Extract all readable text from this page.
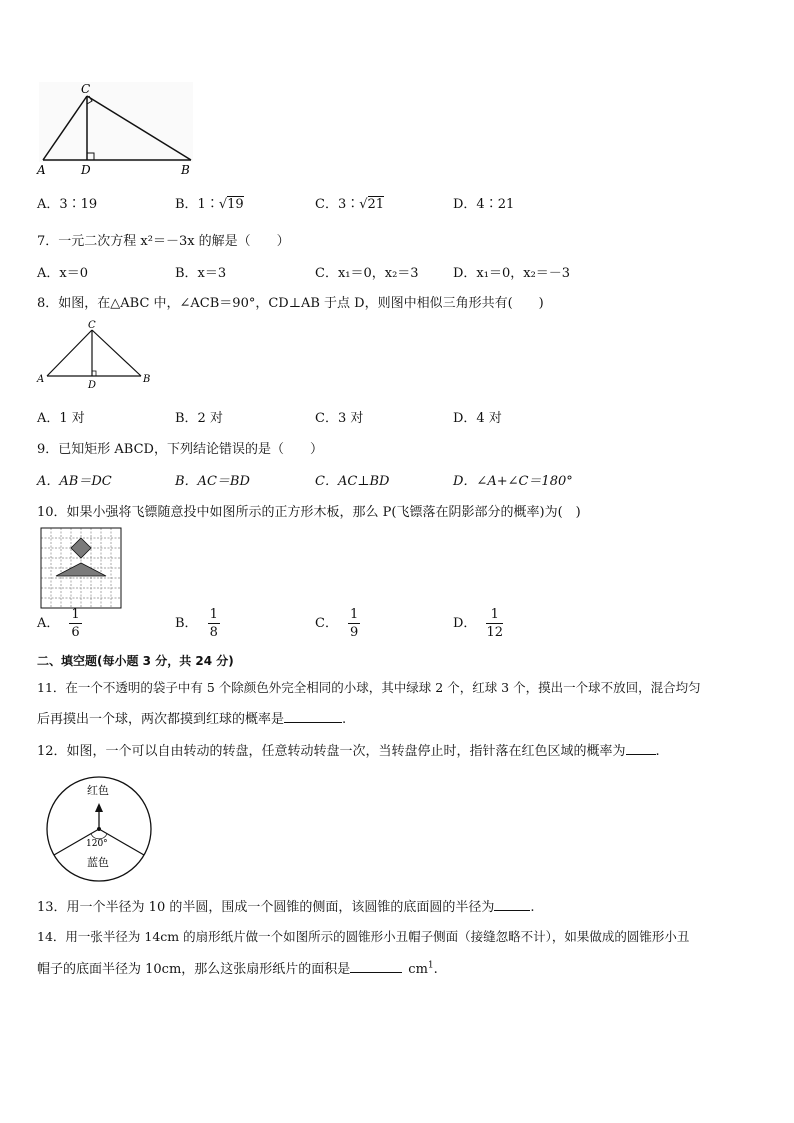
C
A	D	B
A．3∶19	B．1∶√19	C．3∶√21	D．4∶21
7．一元二次方程 x²＝－3x 的解是（　　）
A．x＝0	B．x＝3	C．x₁＝0，x₂＝3	D．x₁＝0，x₂＝－3
8．如图，在△ABC 中，∠ACB＝90°，CD⊥AB 于点 D，则图中相似三角形共有(　　)
C
A
D
B
A．1 对	B．2 对	C．3 对	D．4 对
9．已知矩形 ABCD，下列结论错误的是（　　）
A．AB＝DC	B．AC＝BD	C．AC⊥BD	D．∠A+∠C＝180°
10．如果小强将飞镖随意投中如图所示的正方形木板，那么 P(飞镖落在阴影部分的概率)为(　)
A． $\frac{1}{6}$	B． $\frac{1}{8}$	C． $\frac{1}{9}$	D． $\frac{1}{12}$
二、填空题(每小题 3 分，共 24 分)
11．在一个不透明的袋子中有 5 个除颜色外完全相同的小球，其中绿球 2 个，红球 3 个，摸出一个球不放回，混合均匀
后再摸出一个球，两次都摸到红球的概率是	.
12．如图，一个可以自由转动的转盘，任意转动转盘一次，当转盘停止时，指针落在红色区域的概率为 .
红色
120°
蓝色
13．用一个半径为 10 的半圆，围成一个圆锥的侧面，该圆锥的底面圆的半径为	.
14．用一张半径为 14cm 的扇形纸片做一个如图所示的圆锥形小丑帽子侧面（接缝忽略不计），如果做成的圆锥形小丑
帽子的底面半径为 10cm，那么这张扇形纸片的面积是	$cm^1$.
